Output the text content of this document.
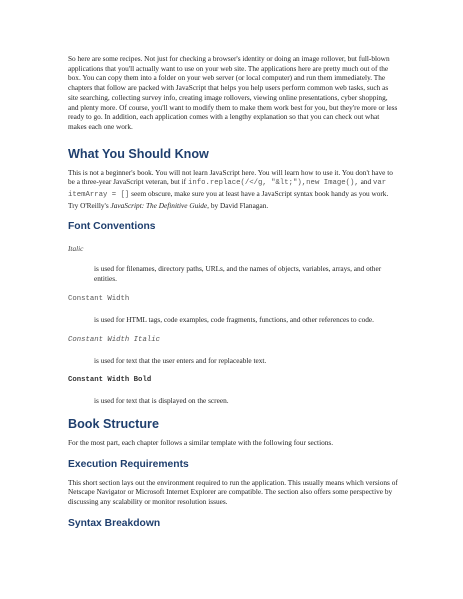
So here are some recipes. Not just for checking a browser's identity or doing an image rollover, but full-blown applications that you'll actually want to use on your web site. The applications here are pretty much out of the box. You can copy them into a folder on your web server (or local computer) and run them immediately. The chapters that follow are packed with JavaScript that helps you help users perform common web tasks, such as site searching, collecting survey info, creating image rollovers, viewing online presentations, cyber shopping, and plenty more. Of course, you'll want to modify them to make them work best for you, but they're more or less ready to go. In addition, each application comes with a lengthy explanation so that you can check out what makes each one work.

What You Should Know

This is not a beginner's book. You will not learn JavaScript here. You will learn how to use it. You don't have to be a three-year JavaScript veteran, but if info.replace(/</g, "&lt;"),new Image(), and var itemArray = [] seem obscure, make sure you at least have a JavaScript syntax book handy as you work. Try O'Reilly's JavaScript: The Definitive Guide, by David Flanagan.

Font Conventions

Italic

is used for filenames, directory paths, URLs, and the names of objects, variables, arrays, and other entities.

Constant Width

is used for HTML tags, code examples, code fragments, functions, and other references to code.

Constant Width Italic

is used for text that the user enters and for replaceable text.

Constant Width Bold

is used for text that is displayed on the screen.

Book Structure

For the most part, each chapter follows a similar template with the following four sections.

Execution Requirements

This short section lays out the environment required to run the application. This usually means which versions of Netscape Navigator or Microsoft Internet Explorer are compatible. The section also offers some perspective by discussing any scalability or monitor resolution issues.

Syntax Breakdown
